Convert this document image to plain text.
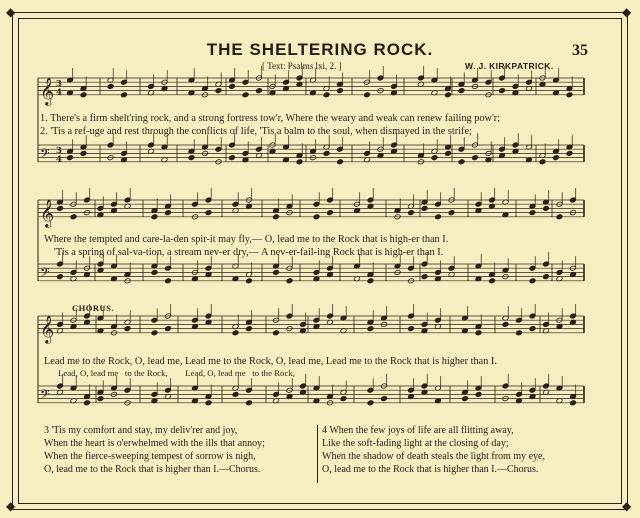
◆	◆
◆	◆
THE SHELTERING ROCK.	35
[ Text: Psalms lxi, 2. ]	W. J. KIRKPATRICK.
𝄞 3
4
𝄢 3
4
𝄞
𝄢
𝄞
𝄢
1. There's a firm shelt'ring rock, and a strong fortress tow'r, Where the weary and weak can renew failing pow'r;
2. 'Tis a ref-uge and rest through the conflicts of life, 'Tis a balm to the soul, when dismayed in the strife;
Where the tempted and care-la-den spir-it may fly,— O, lead me to the Rock that is high-er than I.
'Tis a spring of sal-va-tion, a stream nev-er dry,— A nev-er-fail-ing Rock that is high-er than I.
CHORUS.
Lead me to the Rock, O, lead me, Lead me to the Rock, O, lead me, Lead me to the Rock that is higher than I.
Lead, O, lead me   to the Rock,        Lead, O, lead me   to the Rock,
3 'Tis my comfort and stay, my deliv'rer and joy,
When the heart is o'erwhelmed with the ills that annoy;
When the fierce-sweeping tempest of sorrow is nigh,
O, lead me to the Rock that is higher than I.—Chorus.
4 When the few joys of life are all flitting away,
Like the soft-fading light at the closing of day;
When the shadow of death steals the light from my eye,
O, lead me to the Rock that is higher than I.—Chorus.
